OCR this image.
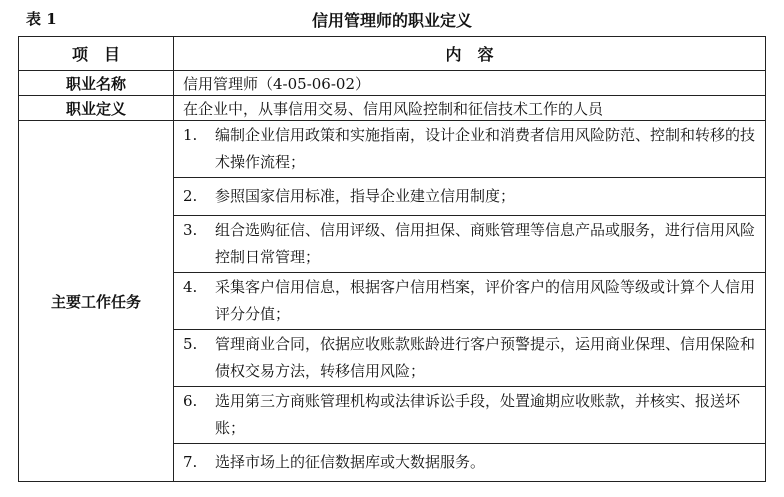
表 1	信用管理师的职业定义
项　目	内　容
职业名称	信用管理师（4-05-06-02）
职业定义	在企业中，从事信用交易、信用风险控制和征信技术工作的人员
主要工作任务	1. 编制企业信用政策和实施指南，设计企业和消费者信用风险防范、控制和转移的技术操作流程；

	2. 参照国家信用标准，指导企业建立信用制度；

	3. 组合选购征信、信用评级、信用担保、商账管理等信息产品或服务，进行信用风险控制日常管理；

	4. 采集客户信用信息，根据客户信用档案，评价客户的信用风险等级或计算个人信用评分分值；

	5. 管理商业合同，依据应收账款账龄进行客户预警提示，运用商业保理、信用保险和债权交易方法，转移信用风险；

	6. 选用第三方商账管理机构或法律诉讼手段，处置逾期应收账款，并核实、报送坏账；

	7. 选择市场上的征信数据库或大数据服务。
